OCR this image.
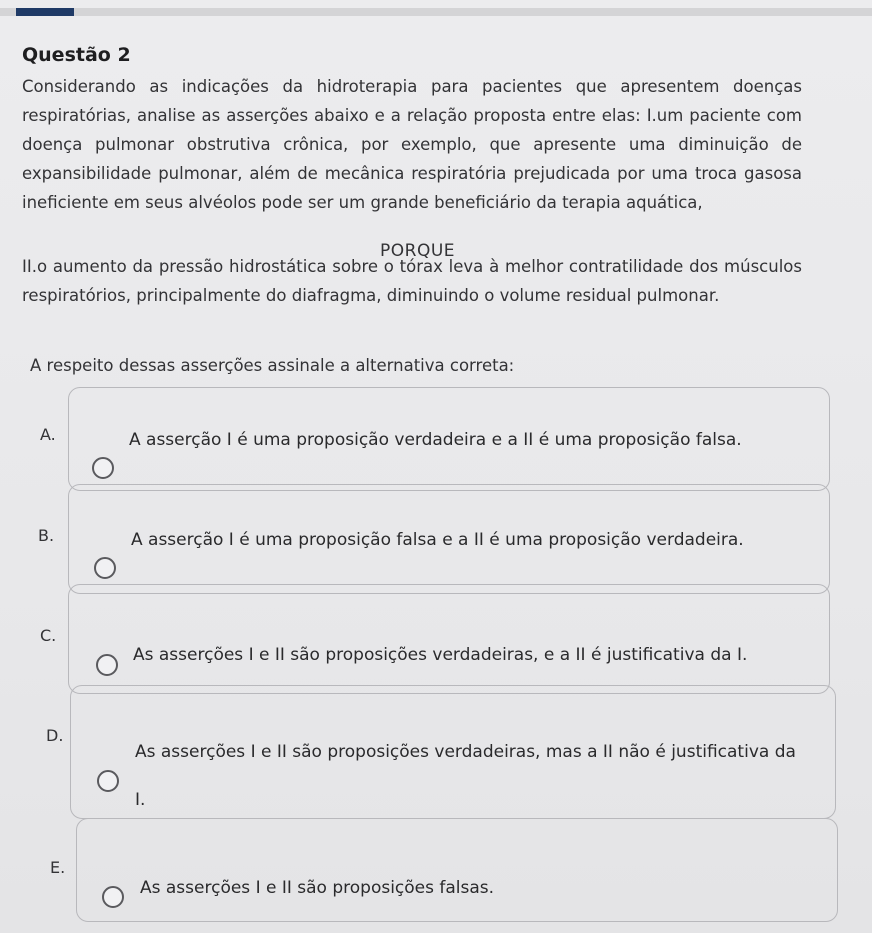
Questão 2
Considerando as indicações da hidroterapia para pacientes que apresentem doenças respiratórias, analise as asserções abaixo e a relação proposta entre elas: I.um paciente com doença pulmonar obstrutiva crônica, por exemplo, que apresente uma diminuição de expansibilidade pulmonar, além de mecânica respiratória prejudicada por uma troca gasosa ineficiente em seus alvéolos pode ser um grande beneficiário da terapia aquática,
PORQUE
II.o aumento da pressão hidrostática sobre o tórax leva à melhor contratilidade dos músculos respiratórios, principalmente do diafragma, diminuindo o volume residual pulmonar.
A respeito dessas asserções assinale a alternativa correta:
A.	A asserção I é uma proposição verdadeira e a II é uma proposição falsa.
B.	A asserção I é uma proposição falsa e a II é uma proposição verdadeira.
C.
As asserções I e II são proposições verdadeiras, e a II é justificativa da I.
D.
As asserções I e II são proposições verdadeiras, mas a II não é justificativa da I.
E.
As asserções I e II são proposições falsas.
